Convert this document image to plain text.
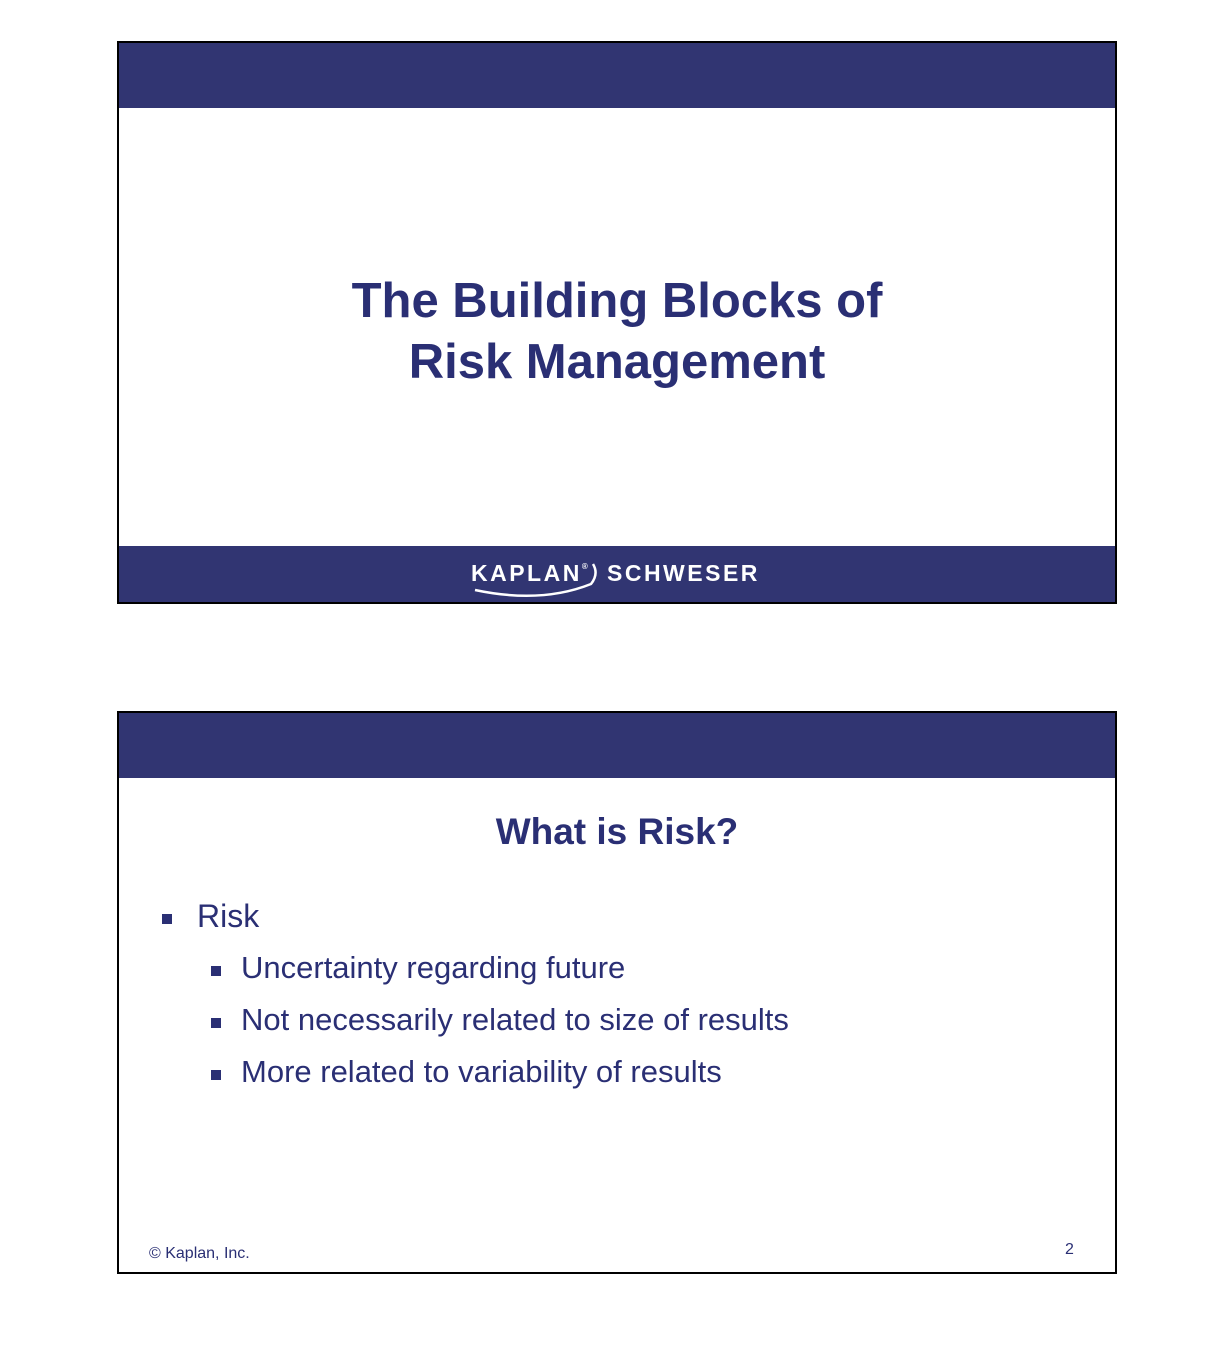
The Building Blocks of
Risk Management
KAPLAN® SCHWESER
What is Risk?
Risk
Uncertainty regarding future
Not necessarily related to size of results
More related to variability of results
© Kaplan, Inc.	2
